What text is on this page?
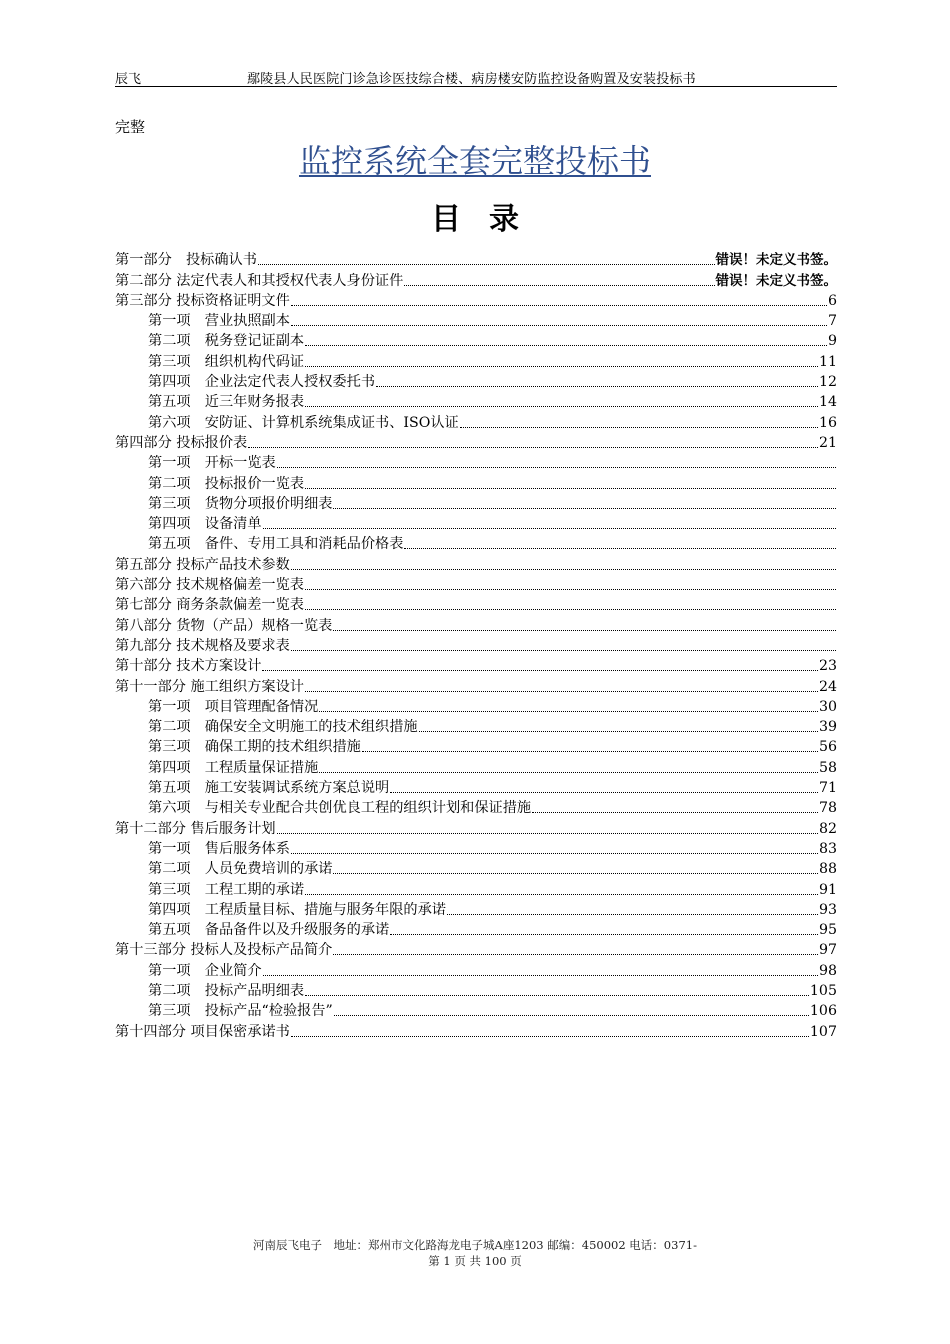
辰飞	鄢陵县人民医院门诊急诊医技综合楼、病房楼安防监控设备购置及安装投标书
完整
监控系统全套完整投标书
目录
第一部分　投标确认书	错误！未定义书签。
第二部分 法定代表人和其授权代表人身份证件	错误！未定义书签。
第三部分 投标资格证明文件	6
第一项　营业执照副本	7
第二项　税务登记证副本	9
第三项　组织机构代码证	11
第四项　企业法定代表人授权委托书	12
第五项　近三年财务报表	14
第六项　安防证、计算机系统集成证书、ISO认证	16
第四部分 投标报价表	21
第一项　开标一览表
第二项　投标报价一览表
第三项　货物分项报价明细表
第四项　设备清单
第五项　备件、专用工具和消耗品价格表
第五部分 投标产品技术参数
第六部分 技术规格偏差一览表
第七部分 商务条款偏差一览表
第八部分 货物（产品）规格一览表
第九部分 技术规格及要求表
第十部分 技术方案设计	23
第十一部分 施工组织方案设计	24
第一项　项目管理配备情况	30
第二项　确保安全文明施工的技术组织措施	39
第三项　确保工期的技术组织措施	56
第四项　工程质量保证措施	58
第五项　施工安装调试系统方案总说明	71
第六项　与相关专业配合共创优良工程的组织计划和保证措施	78
第十二部分 售后服务计划	82
第一项　售后服务体系	83
第二项　人员免费培训的承诺	88
第三项　工程工期的承诺	91
第四项　工程质量目标、措施与服务年限的承诺	93
第五项　备品备件以及升级服务的承诺	95
第十三部分 投标人及投标产品简介	97
第一项　企业简介	98
第二项　投标产品明细表	105
第三项　投标产品“检验报告”	106
第十四部分 项目保密承诺书	107
河南辰飞电子　地址：郑州市文化路海龙电子城A座1203 邮编：450002 电话：0371-
第 1 页 共 100 页
